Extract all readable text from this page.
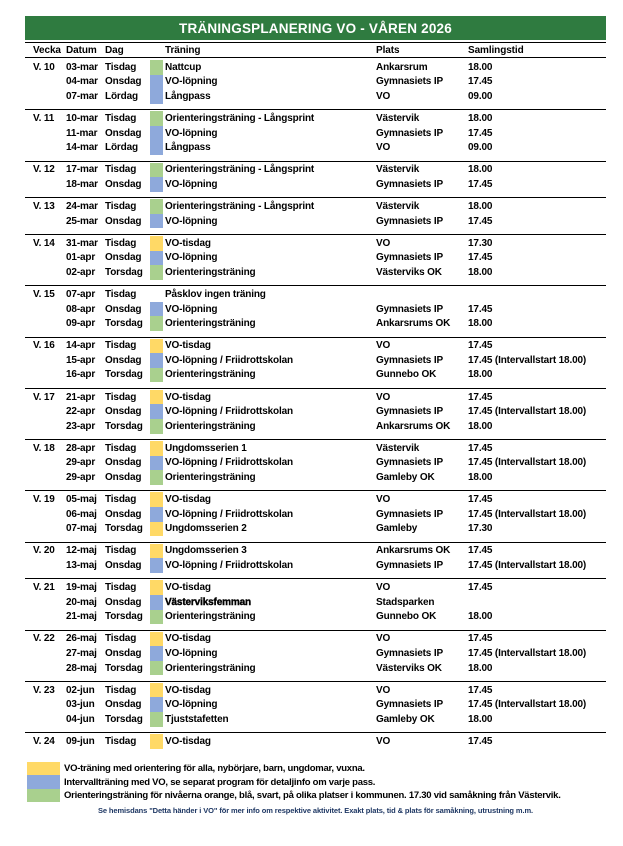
TRÄNINGSPLANERING VO - VÅREN 2026
Vecka Datum Dag	Träning	Plats	Samlingstid
V. 10	03-mar Tisdag	Nattcup	Ankarsrum	18.00
04-mar Onsdag	VO-löpning	Gymnasiets IP	17.45
07-mar Lördag	Långpass	VO	09.00
V. 11	10-mar Tisdag	Orienteringsträning - Långsprint	Västervik	18.00
11-mar Onsdag	VO-löpning	Gymnasiets IP	17.45
14-mar Lördag	Långpass	VO	09.00
V. 12	17-mar Tisdag	Orienteringsträning - Långsprint	Västervik	18.00
18-mar Onsdag	VO-löpning	Gymnasiets IP	17.45
V. 13	24-mar Tisdag	Orienteringsträning - Långsprint	Västervik	18.00
25-mar Onsdag	VO-löpning	Gymnasiets IP	17.45
V. 14	31-mar Tisdag	VO-tisdag	VO	17.30
01-apr Onsdag	VO-löpning	Gymnasiets IP	17.45
02-apr Torsdag	Orienteringsträning	Västerviks OK	18.00
V. 15	07-apr Tisdag	Påsklov ingen träning
08-apr Onsdag	VO-löpning	Gymnasiets IP	17.45
09-apr Torsdag	Orienteringsträning	Ankarsrums OK	18.00
V. 16	14-apr Tisdag	VO-tisdag	VO	17.45
15-apr Onsdag	VO-löpning / Friidrottskolan	Gymnasiets IP	17.45 (Intervallstart 18.00)
16-apr Torsdag	Orienteringsträning	Gunnebo OK	18.00
V. 17	21-apr Tisdag	VO-tisdag	VO	17.45
22-apr Onsdag	VO-löpning / Friidrottskolan	Gymnasiets IP	17.45 (Intervallstart 18.00)
23-apr Torsdag	Orienteringsträning	Ankarsrums OK	18.00
V. 18	28-apr Tisdag	Ungdomsserien 1	Västervik	17.45
29-apr Onsdag	VO-löpning / Friidrottskolan	Gymnasiets IP	17.45 (Intervallstart 18.00)
29-apr Onsdag	Orienteringsträning	Gamleby OK	18.00
V. 19	05-maj Tisdag	VO-tisdag	VO	17.45
06-maj Onsdag	VO-löpning / Friidrottskolan	Gymnasiets IP	17.45 (Intervallstart 18.00)
07-maj Torsdag	Ungdomsserien 2	Gamleby	17.30
V. 20	12-maj Tisdag	Ungdomsserien 3	Ankarsrums OK	17.45
13-maj Onsdag	VO-löpning / Friidrottskolan	Gymnasiets IP	17.45 (Intervallstart 18.00)
V. 21	19-maj Tisdag	VO-tisdag	VO	17.45
20-maj Onsdag	Västerviksfemman	Stadsparken
21-maj Torsdag	Orienteringsträning	Gunnebo OK	18.00
V. 22	26-maj Tisdag	VO-tisdag	VO	17.45
27-maj Onsdag	VO-löpning	Gymnasiets IP	17.45 (Intervallstart 18.00)
28-maj Torsdag	Orienteringsträning	Västerviks OK	18.00
V. 23	02-jun	Tisdag	VO-tisdag	VO	17.45
03-jun	Onsdag	VO-löpning	Gymnasiets IP	17.45 (Intervallstart 18.00)
04-jun	Torsdag	Tjuststafetten	Gamleby OK	18.00
V. 24	09-jun	Tisdag	VO-tisdag	VO	17.45
VO-träning med orientering för alla, nybörjare, barn, ungdomar, vuxna.
Intervallträning med VO, se separat program för detaljinfo om varje pass.
Orienteringsträning för nivåerna orange, blå, svart, på olika platser i kommunen. 17.30 vid samåkning från Västervik.
Se hemisdans "Detta händer i VO" för mer info om respektive aktivitet. Exakt plats, tid & plats för samåkning, utrustning m.m.
